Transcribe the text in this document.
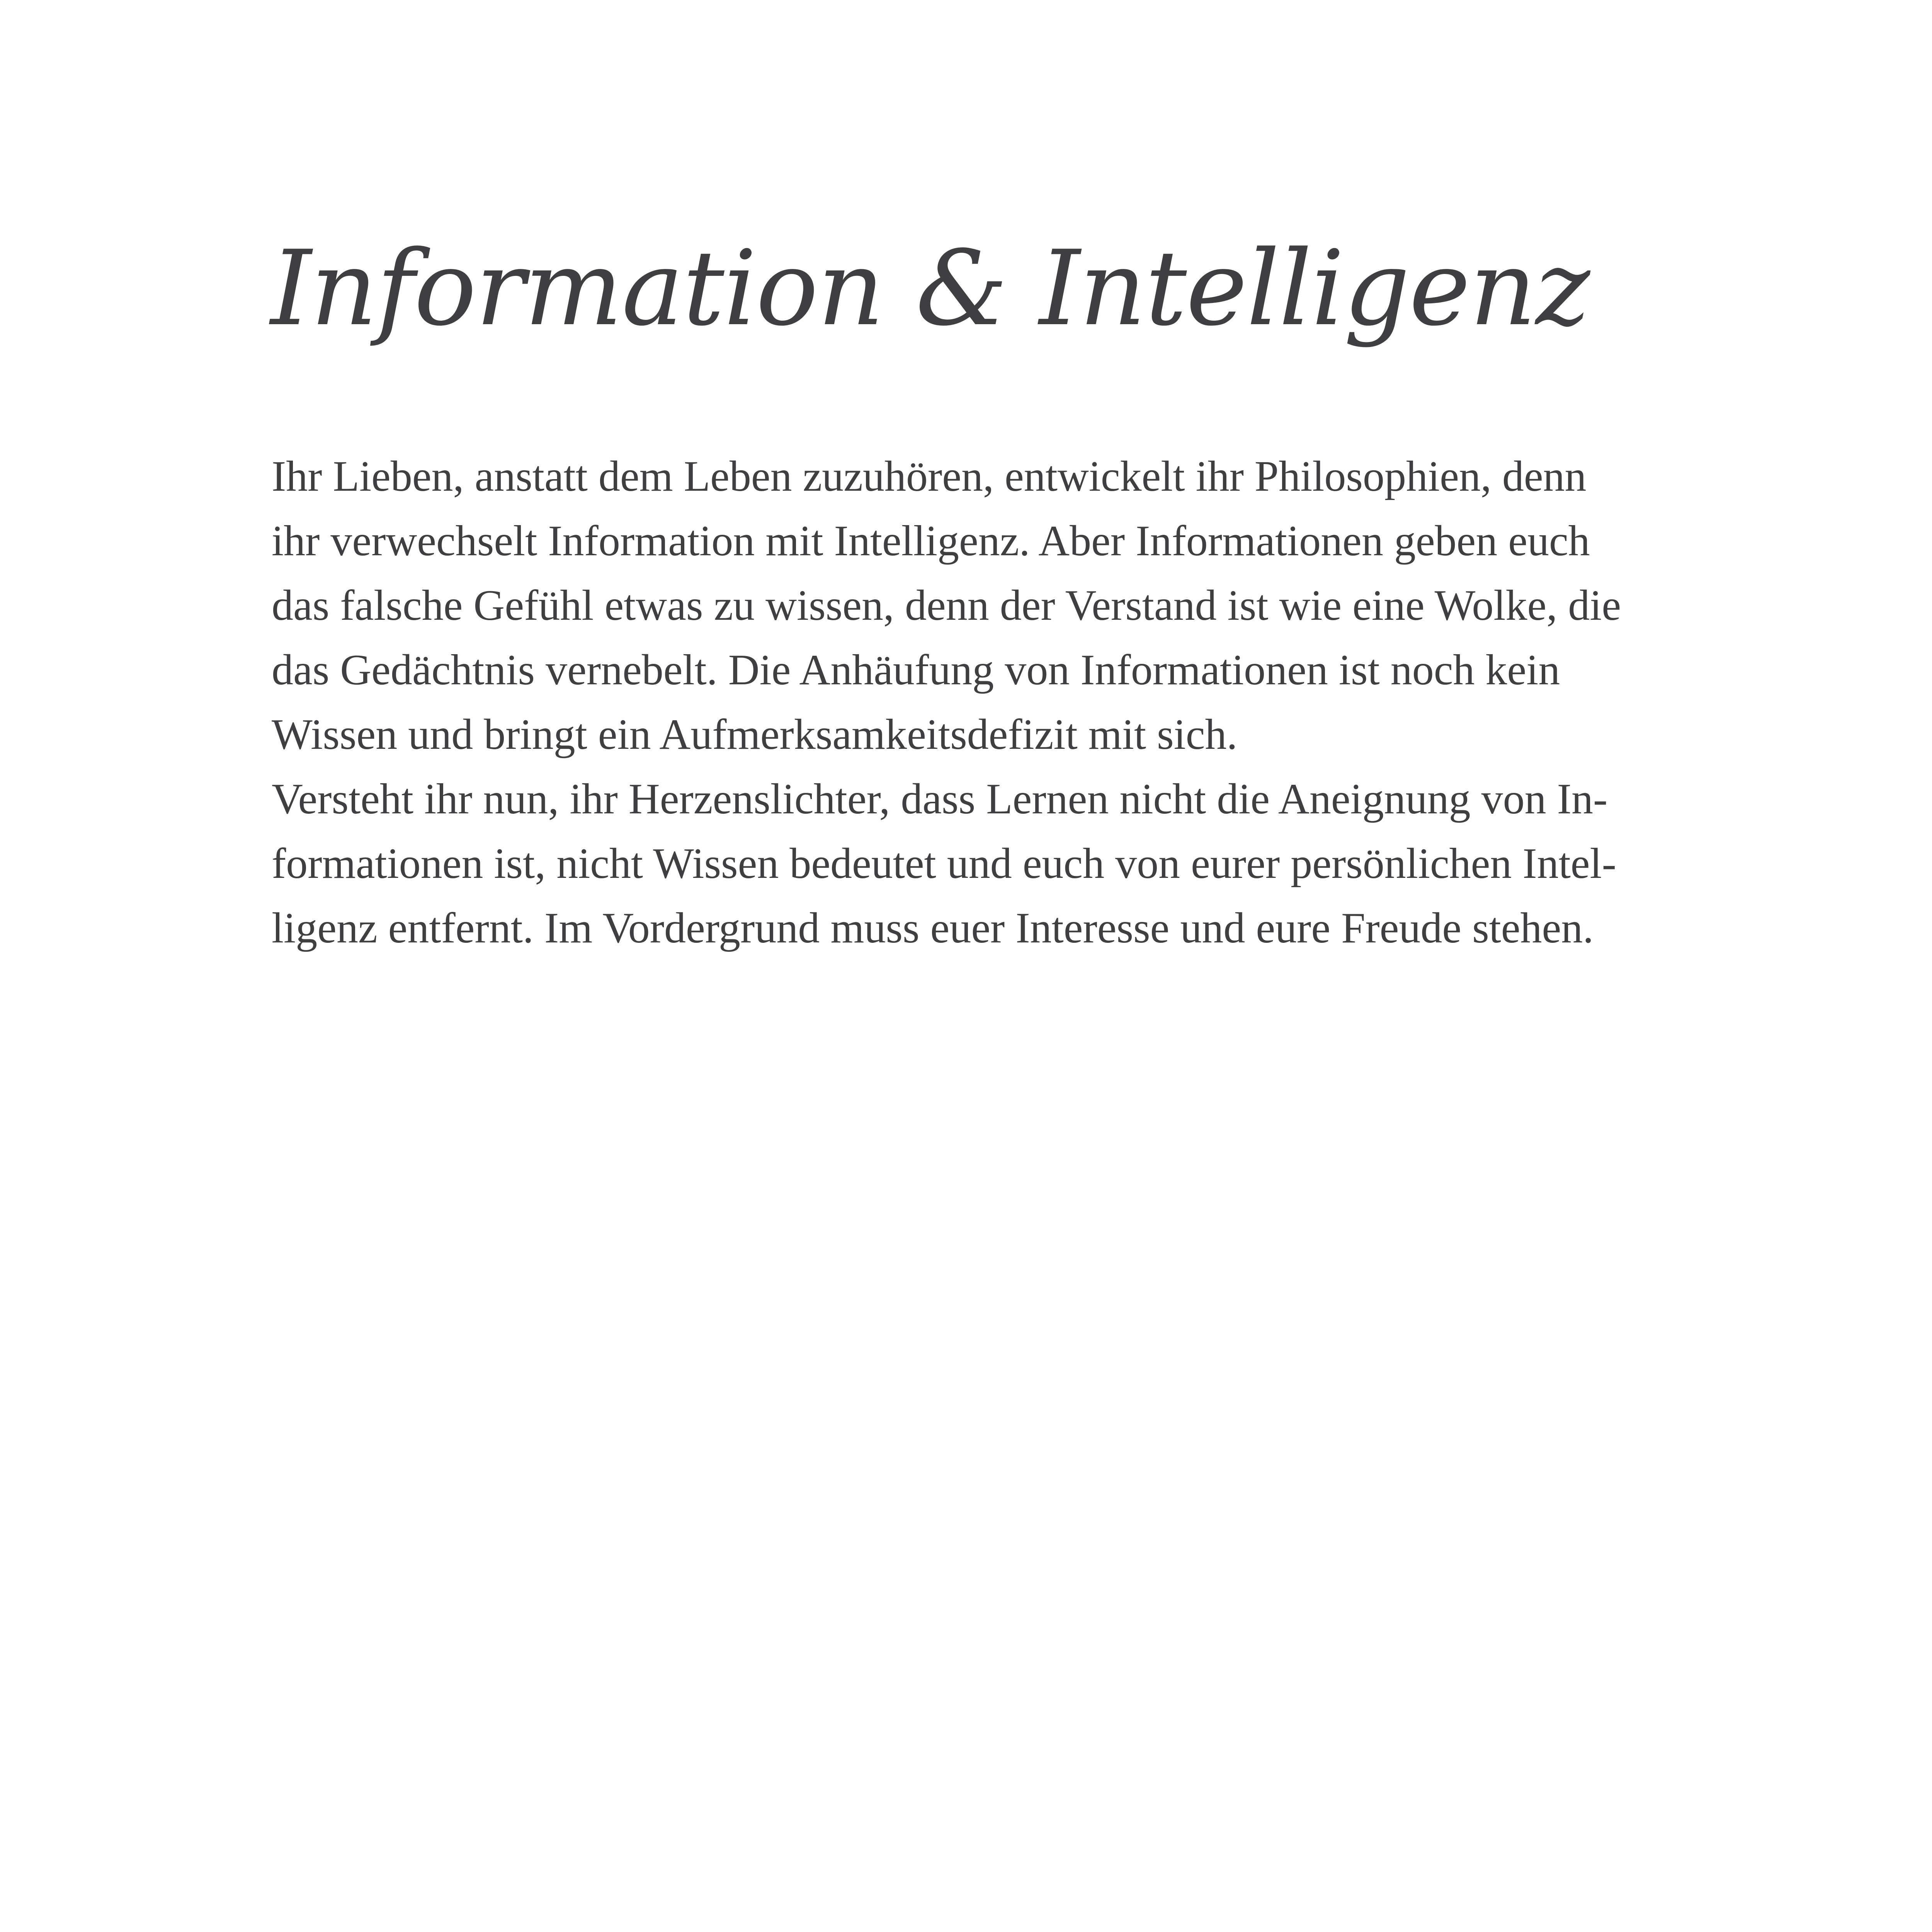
Information & Intelligenz

Ihr Lieben, anstatt dem Leben zuzuhören, entwickelt ihr Philosophien, denn
ihr verwechselt Information mit Intelligenz. Aber Informationen geben euch
das falsche Gefühl etwas zu wissen, denn der Verstand ist wie eine Wolke, die
das Gedächtnis vernebelt. Die Anhäufung von Informationen ist noch kein
Wissen und bringt ein Aufmerksamkeitsdefizit mit sich.
Versteht ihr nun, ihr Herzenslichter, dass Lernen nicht die Aneignung von In-
formationen ist, nicht Wissen bedeutet und euch von eurer persönlichen Intel-
ligenz entfernt. Im Vordergrund muss euer Interesse und eure Freude stehen.
